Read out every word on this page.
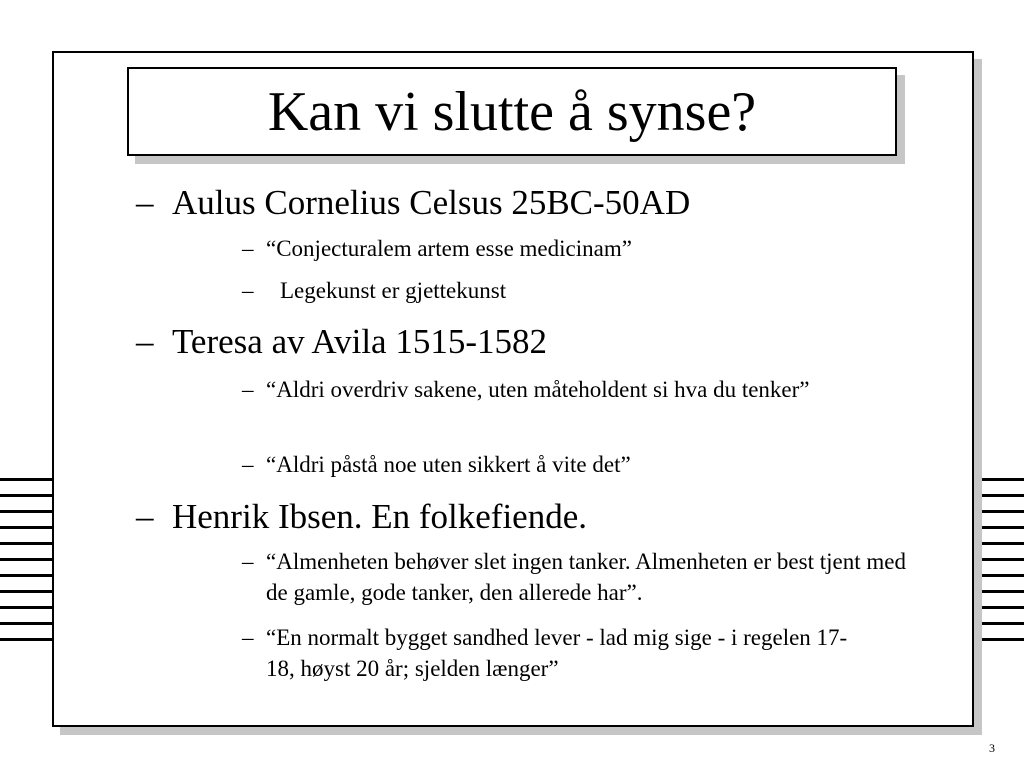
Kan vi slutte å synse?

– Aulus Cornelius Celsus 25BC-50AD

– “Conjecturalem artem esse medicinam”
– Legekunst er gjettekunst

– Teresa av Avila 1515-1582

– “Aldri overdriv sakene, uten måteholdent si hva du tenker”
– “Aldri påstå noe uten sikkert å vite det”

– Henrik Ibsen. En folkefiende.

– “Almenheten behøver slet ingen tanker. Almenheten er best tjent med de gamle, gode tanker, den allerede har”.
– “En normalt bygget sandhed lever - lad mig sige - i regelen 17-18, høyst 20 år; sjelden længer”
3
